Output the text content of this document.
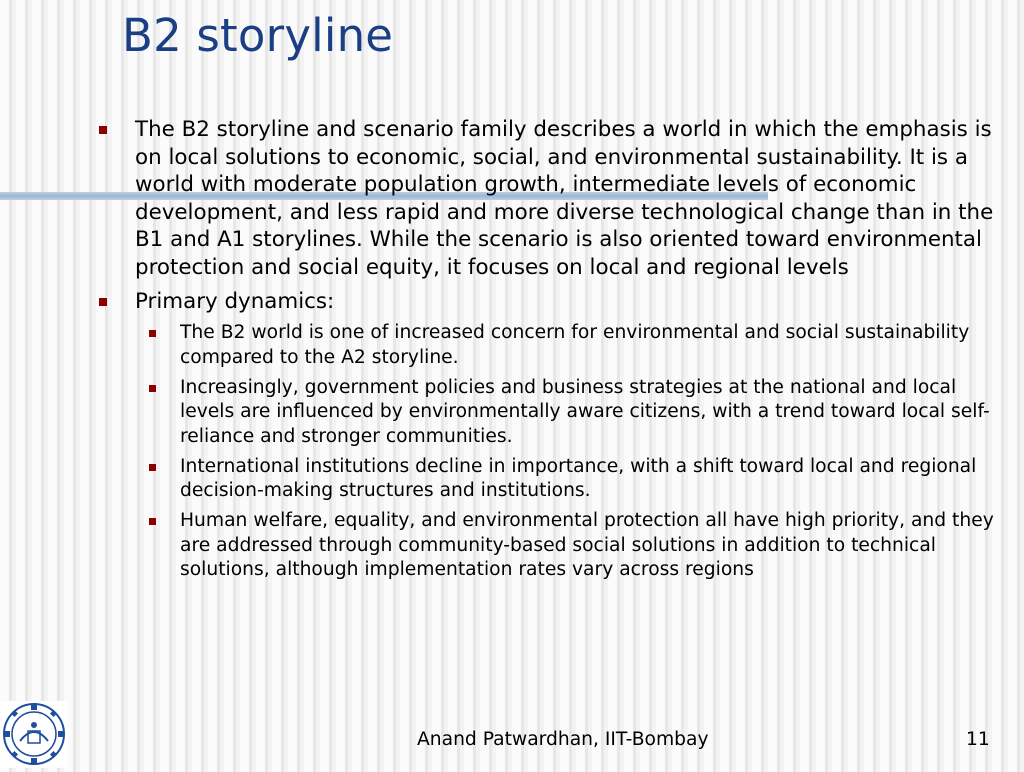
B2 storyline
The B2 storyline and scenario family describes a world in which the emphasis is on local solutions to economic, social, and environmental sustainability. It is a world with moderate population growth, intermediate levels of economic development, and less rapid and more diverse technological change than in the B1 and A1 storylines. While the scenario is also oriented toward environmental protection and social equity, it focuses on local and regional levels
Primary dynamics:
The B2 world is one of increased concern for environmental and social sustainability compared to the A2 storyline.
Increasingly, government policies and business strategies at the national and local levels are influenced by environmentally aware citizens, with a trend toward local self-reliance and stronger communities.
International institutions decline in importance, with a shift toward local and regional decision-making structures and institutions.
Human welfare, equality, and environmental protection all have high priority, and they are addressed through community-based social solutions in addition to technical solutions, although implementation rates vary across regions
Anand Patwardhan, IIT-Bombay	11
